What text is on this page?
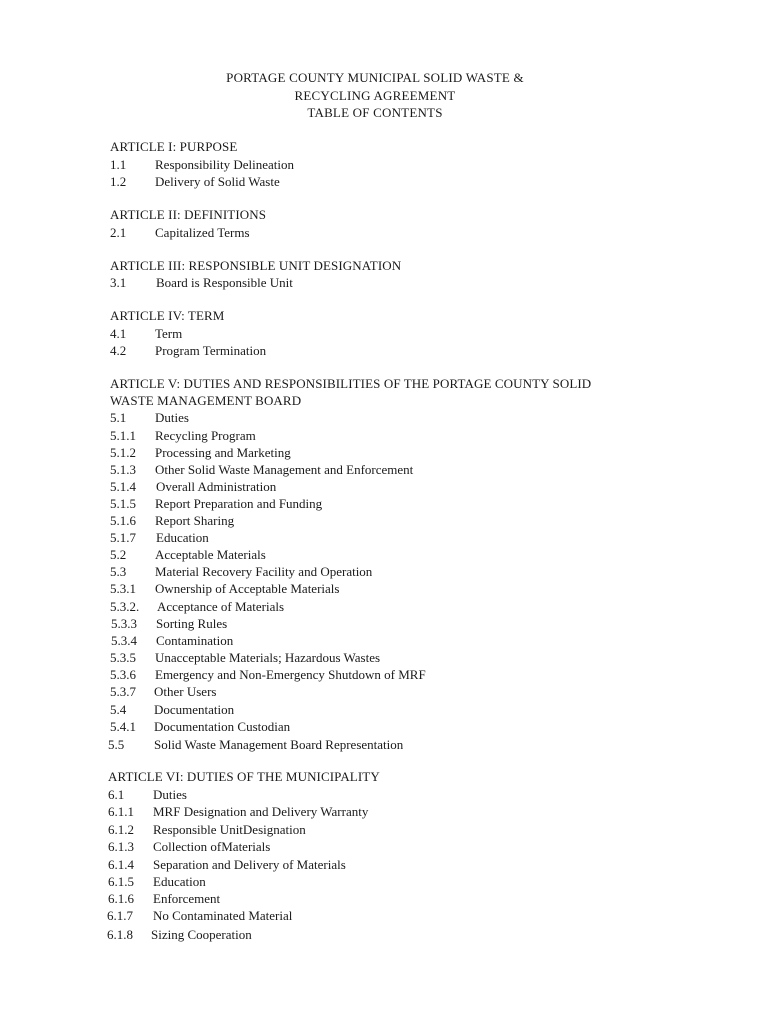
PORTAGE COUNTY MUNICIPAL SOLID WASTE &
RECYCLING AGREEMENT
TABLE OF CONTENTS
ARTICLE I: PURPOSE
1.1 Responsibility Delineation
1.2 Delivery of Solid Waste
ARTICLE II: DEFINITIONS
2.1 Capitalized Terms
ARTICLE III: RESPONSIBLE UNIT DESIGNATION
3.1 Board is Responsible Unit
ARTICLE IV: TERM
4.1 Term
4.2 Program Termination
ARTICLE V: DUTIES AND RESPONSIBILITIES OF THE PORTAGE COUNTY SOLID
WASTE MANAGEMENT BOARD
5.1 Duties
5.1.1 Recycling Program
5.1.2 Processing and Marketing
5.1.3 Other Solid Waste Management and Enforcement
5.1.4 Overall Administration
5.1.5 Report Preparation and Funding
5.1.6 Report Sharing
5.1.7 Education
5.2 Acceptable Materials
5.3 Material Recovery Facility and Operation
5.3.1 Ownership of Acceptable Materials
5.3.2. Acceptance of Materials
5.3.3 Sorting Rules
5.3.4 Contamination
5.3.5 Unacceptable Materials; Hazardous Wastes
5.3.6 Emergency and Non-Emergency Shutdown of MRF
5.3.7 Other Users
5.4 Documentation
5.4.1 Documentation Custodian
5.5 Solid Waste Management Board Representation
ARTICLE VI: DUTIES OF THE MUNICIPALITY
6.1 Duties
6.1.1 MRF Designation and Delivery Warranty
6.1.2 Responsible UnitDesignation
6.1.3 Collection ofMaterials
6.1.4 Separation and Delivery of Materials
6.1.5 Education
6.1.6 Enforcement
6.1.7 No Contaminated Material
6.1.8 Sizing Cooperation
